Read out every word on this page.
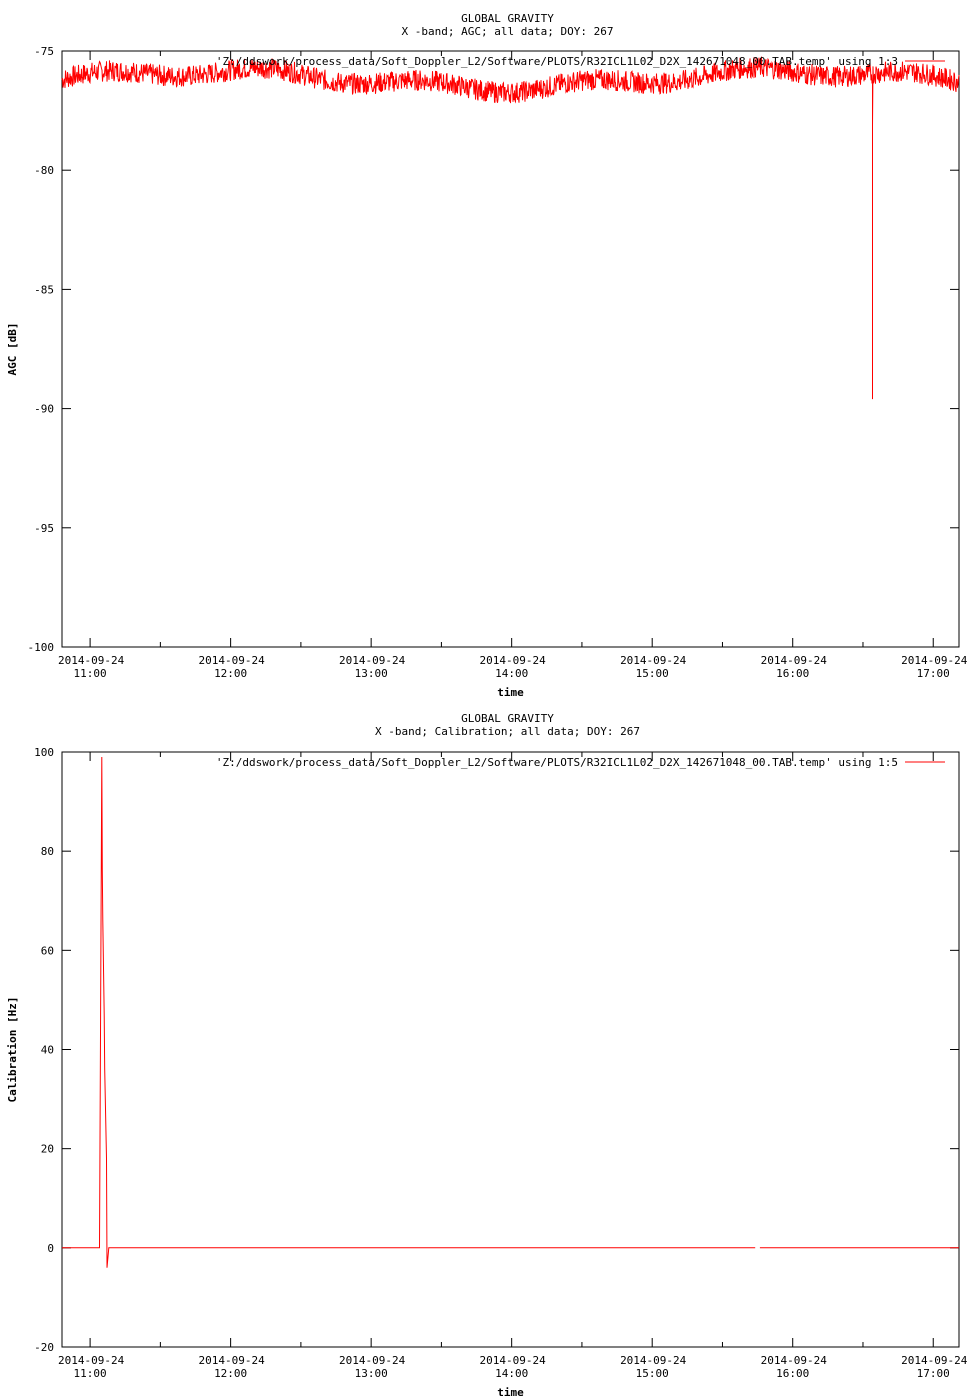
GLOBAL GRAVITY
X -band; AGC; all data; DOY: 267
time
AGC [dB]
-75
-80
-85
-90
-95
-100
2014-09-24
11:00
2014-09-24
12:00
2014-09-24
13:00
2014-09-24
14:00
2014-09-24
15:00
2014-09-24
16:00
2014-09-24
17:00
'Z:/ddswork/process_data/Soft_Doppler_L2/Software/PLOTS/R32ICL1L02_D2X_142671048_00.TAB.temp' using 1:3
GLOBAL GRAVITY
X -band; Calibration; all data; DOY: 267
time
Calibration [Hz]
100
80
60
40
20
0
-20
2014-09-24
11:00
2014-09-24
12:00
2014-09-24
13:00
2014-09-24
14:00
2014-09-24
15:00
2014-09-24
16:00
2014-09-24
17:00
'Z:/ddswork/process_data/Soft_Doppler_L2/Software/PLOTS/R32ICL1L02_D2X_142671048_00.TAB.temp' using 1:5
